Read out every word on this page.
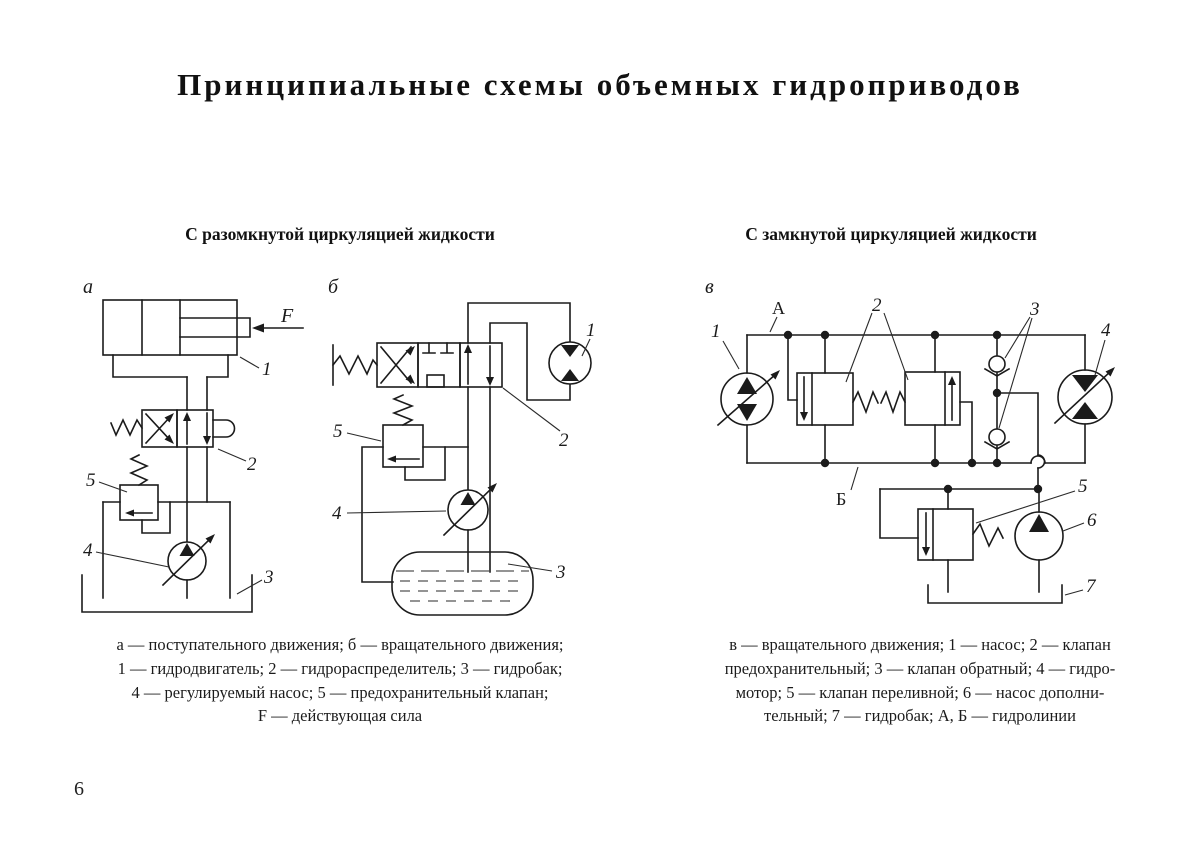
Принципиальные схемы объемных гидроприводов
С разомкнутой циркуляцией жидкости	С замкнутой циркуляцией жидкости
а
F
1
2
3
4
5
б
1
2
3
4
5
в
1
2	3
4
5
6
7
А
Б
а — поступательного движения; б — вращательного движения;
1 — гидродвигатель; 2 — гидрораспределитель; 3 — гидробак;
4 — регулируемый насос; 5 — предохранительный клапан;
F — действующая сила
в — вращательного движения; 1 — насос; 2 — клапан
предохранительный; 3 — клапан обратный; 4 — гидро-
мотор; 5 — клапан переливной; 6 — насос дополни-
тельный; 7 — гидробак; А, Б — гидролинии
6
